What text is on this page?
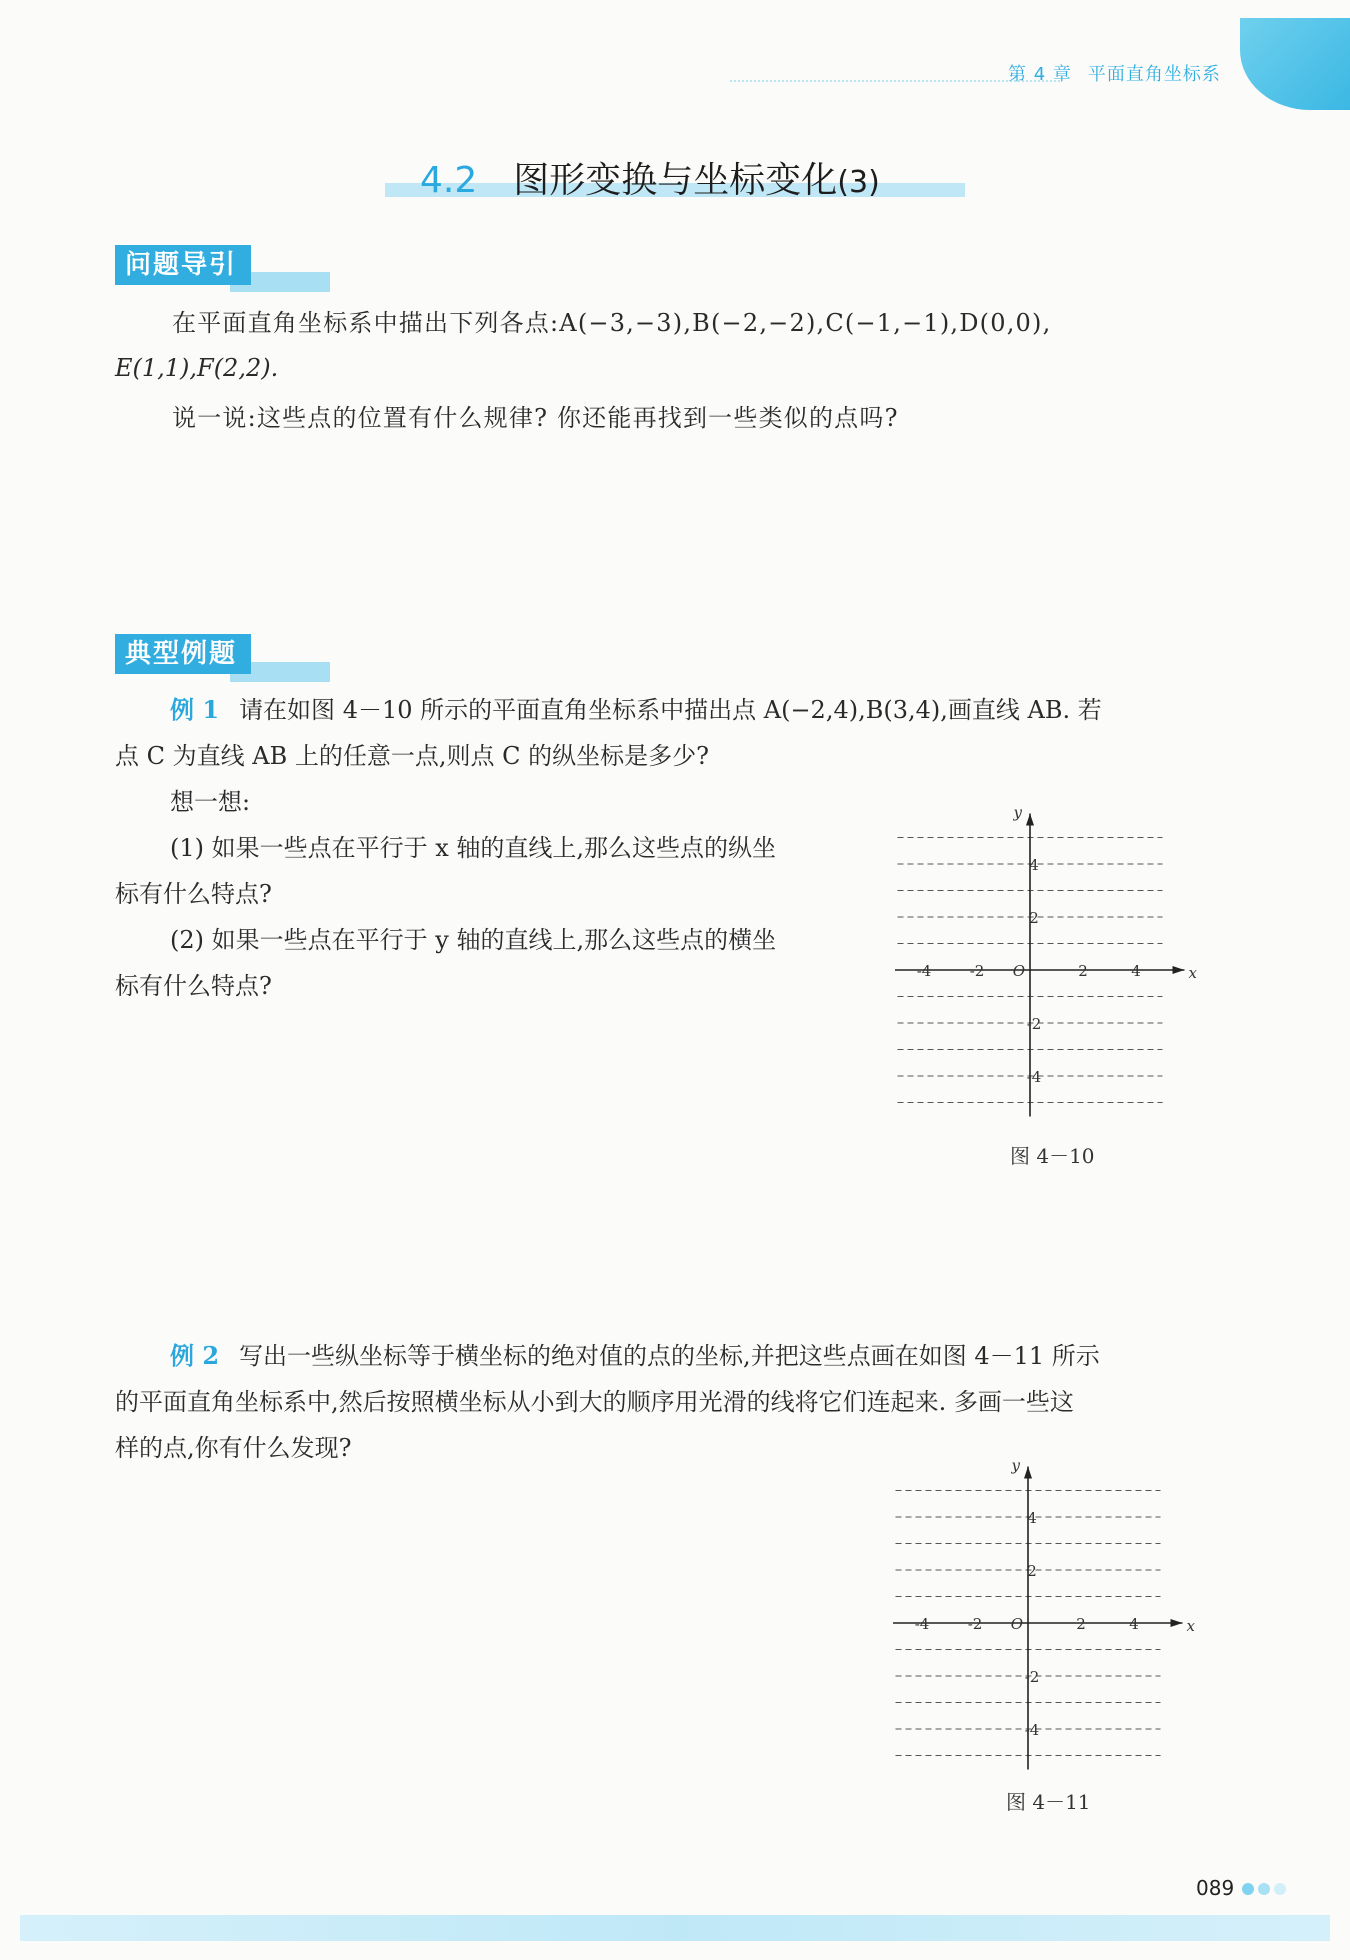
第 4 章 平面直角坐标系
4.2 图形变换与坐标变化(3)
问题导引
在平面直角坐标系中描出下列各点:A(−3,−3),B(−2,−2),C(−1,−1),D(0,0),
E(1,1),F(2,2).
说一说:这些点的位置有什么规律? 你还能再找到一些类似的点吗?
典型例题
例 1 请在如图 4－10 所示的平面直角坐标系中描出点 A(−2,4),B(3,4),画直线 AB. 若
点 C 为直线 AB 上的任意一点,则点 C 的纵坐标是多少?
想一想:
(1) 如果一些点在平行于 x 轴的直线上,那么这些点的纵坐
标有什么特点?
(2) 如果一些点在平行于 y 轴的直线上,那么这些点的横坐
标有什么特点?	x
y
O
-4	-2	2	4
4
2
-2
-4
图 4－10
例 2 写出一些纵坐标等于横坐标的绝对值的点的坐标,并把这些点画在如图 4－11 所示
的平面直角坐标系中,然后按照横坐标从小到大的顺序用光滑的线将它们连起来. 多画一些这
样的点,你有什么发现?
x
y
O
-4	-2	2	4
4
2
-2
-4
图 4－11
089
